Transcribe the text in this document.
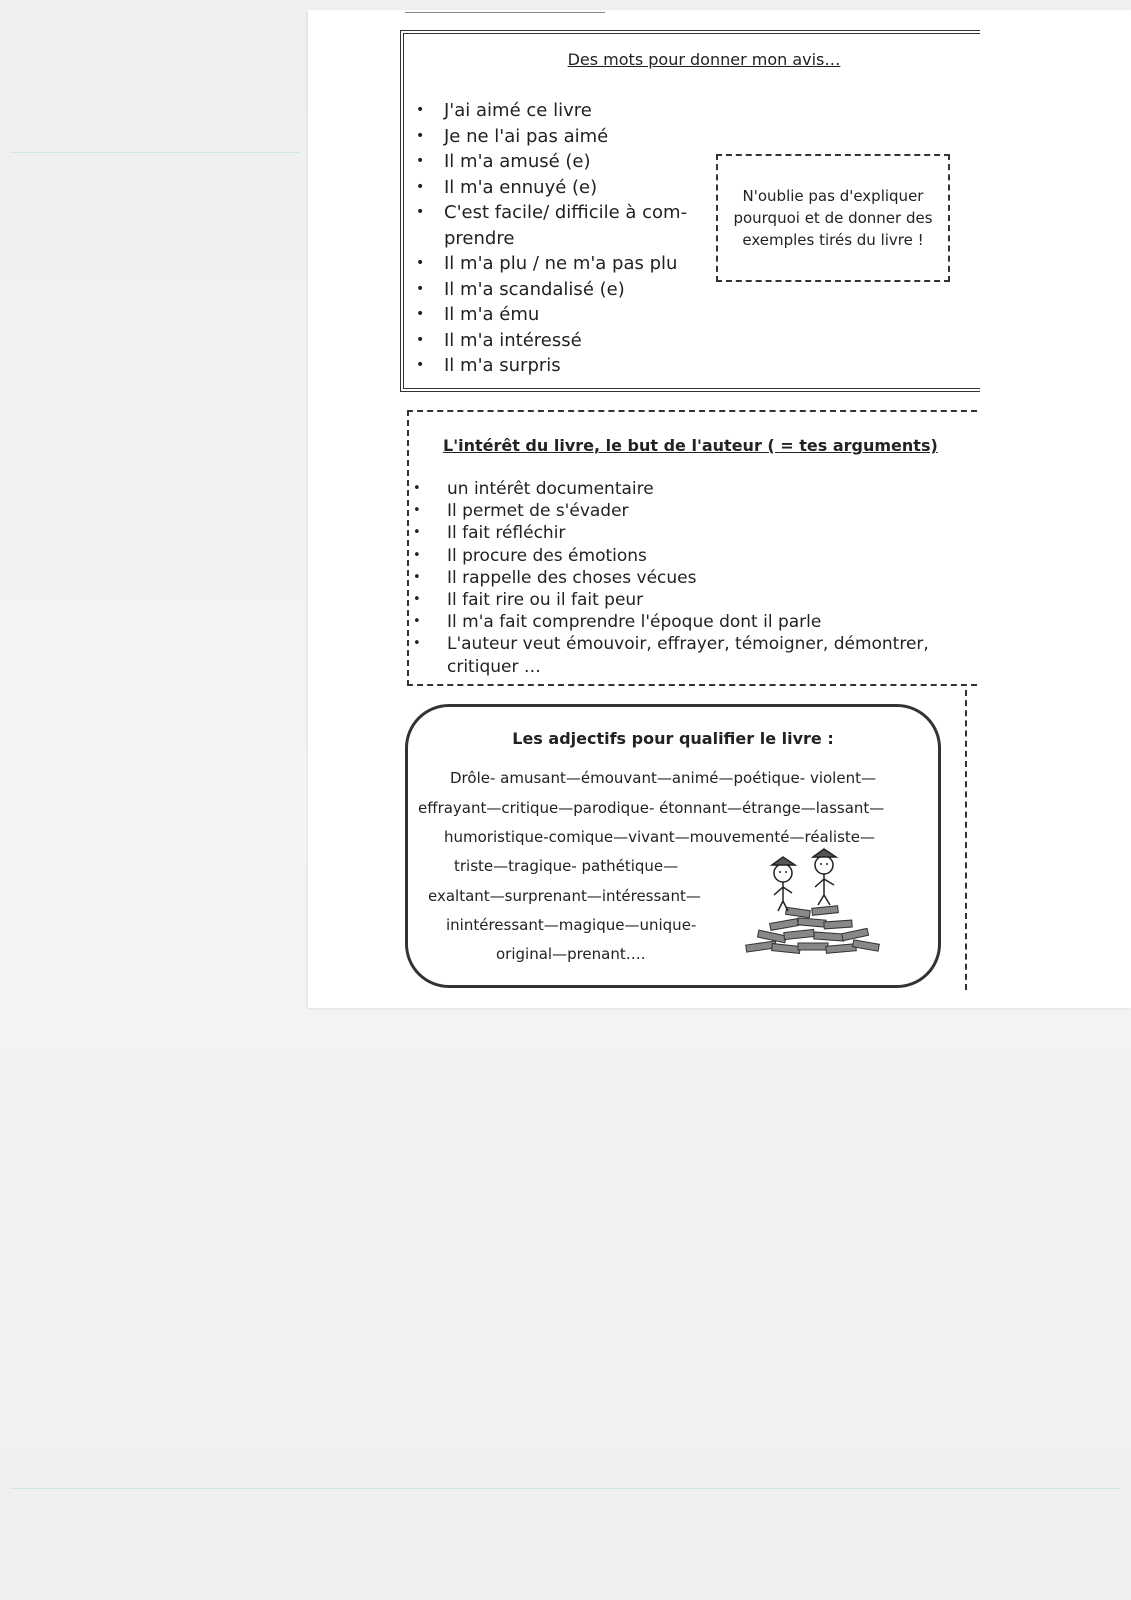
Des mots pour donner mon avis…
• J'ai aimé ce livre
• Je ne l'ai pas aimé
• Il m'a amusé (e)
• Il m'a ennuyé (e)
• C'est facile/ difficile à com-
prendre
• Il m'a plu / ne m'a pas plu
• Il m'a scandalisé (e)
• Il m'a ému
• Il m'a intéressé
• Il m'a surpris
N'oublie pas d'expliquer pourquoi et de donner des exemples tirés du livre !
L'intérêt du livre, le but de l'auteur ( = tes arguments)
• un intérêt documentaire
• Il permet de s'évader
• Il fait réfléchir
• Il procure des émotions
• Il rappelle des choses vécues
• Il fait rire ou il fait peur
• Il m'a fait comprendre l'époque dont il parle
• L'auteur veut émouvoir, effrayer, témoigner, démontrer,
critiquer …
Les adjectifs pour qualifier le livre :
Drôle- amusant—émouvant—animé—poétique- violent—
effrayant—critique—parodique- étonnant—étrange—lassant—
humoristique-comique—vivant—mouvementé—réaliste—
triste—tragique- pathétique—
exaltant—surprenant—intéressant—
inintéressant—magique—unique-
original—prenant….
